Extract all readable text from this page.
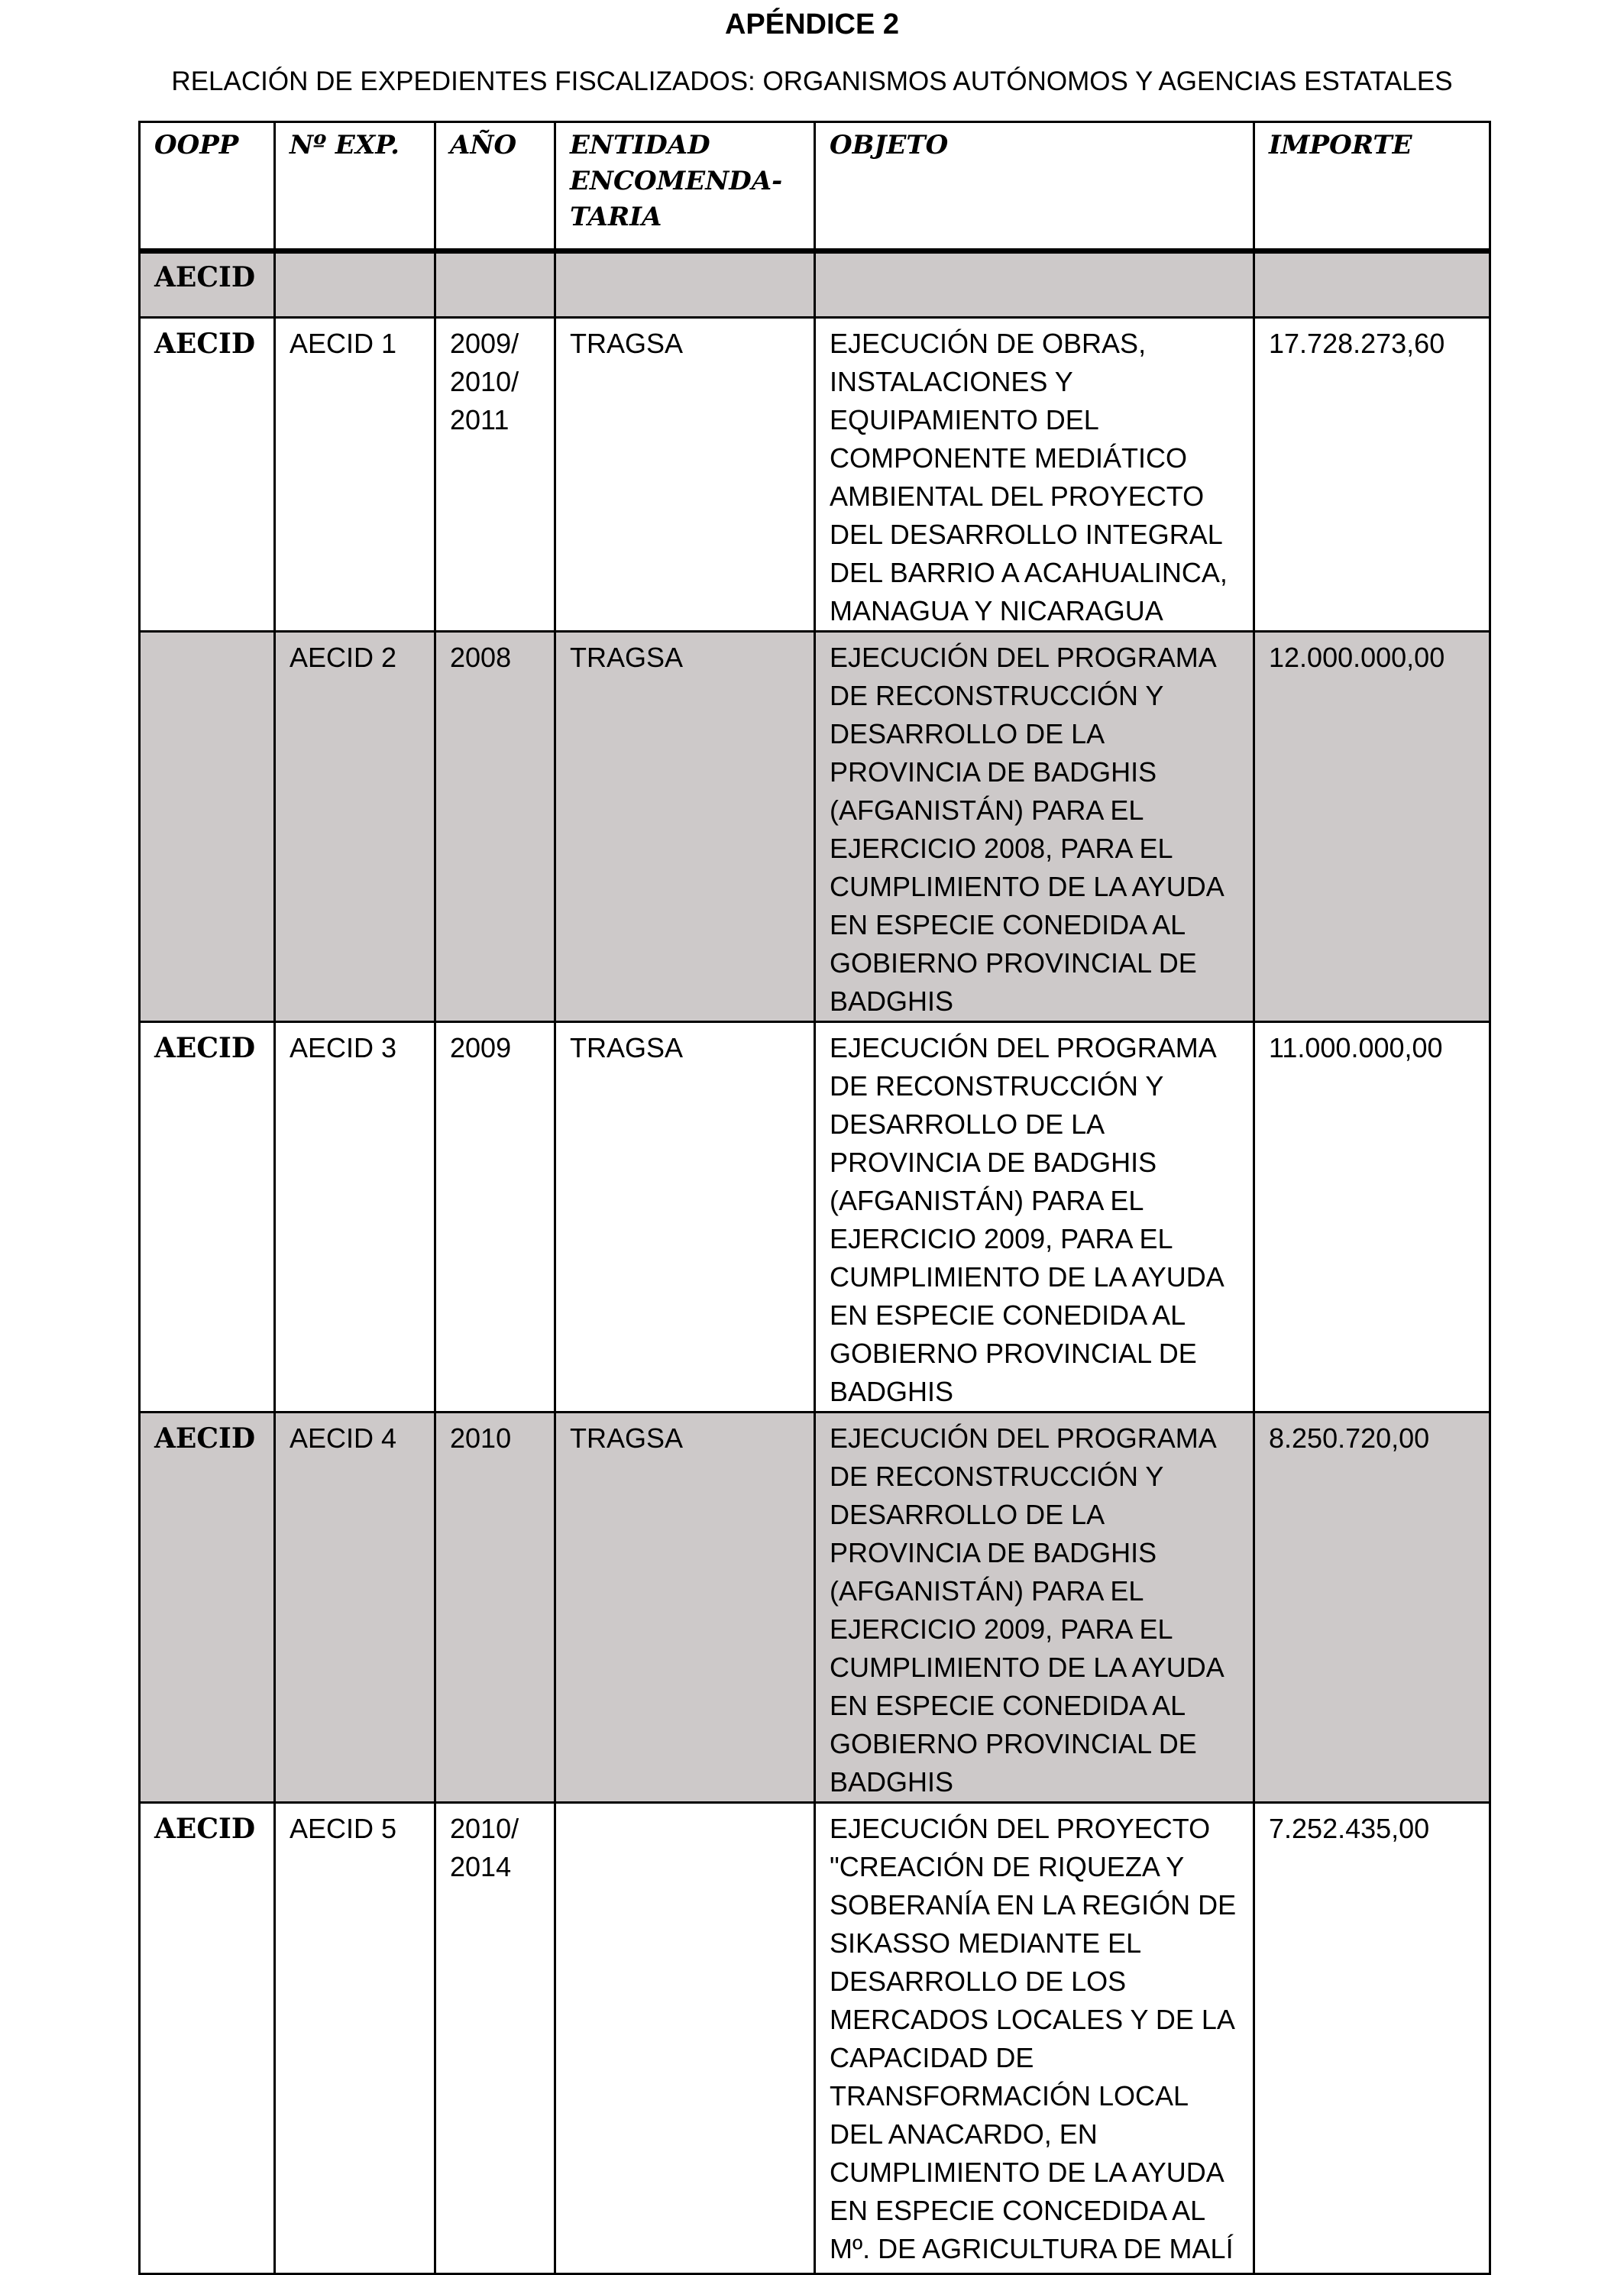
APÉNDICE 2
RELACIÓN DE EXPEDIENTES FISCALIZADOS: ORGANISMOS AUTÓNOMOS Y AGENCIAS ESTATALES
OOPP	Nº EXP.	AÑO	ENTIDAD ENCOMENDA-TARIA	OBJETO	IMPORTE
AECID					
AECID	AECID 1	2009/ 2010/ 2011	TRAGSA	EJECUCIÓN DE OBRAS, INSTALACIONES Y EQUIPAMIENTO DEL COMPONENTE MEDIÁTICO AMBIENTAL DEL PROYECTO DEL DESARROLLO INTEGRAL DEL BARRIO A ACAHUALINCA, MANAGUA Y NICARAGUA	17.728.273,60
	AECID 2	2008	TRAGSA	EJECUCIÓN DEL PROGRAMA DE RECONSTRUCCIÓN Y DESARROLLO DE LA PROVINCIA DE BADGHIS (AFGANISTÁN) PARA EL EJERCICIO 2008, PARA EL CUMPLIMIENTO DE LA AYUDA EN ESPECIE CONEDIDA AL GOBIERNO PROVINCIAL DE BADGHIS	12.000.000,00
AECID	AECID 3	2009	TRAGSA	EJECUCIÓN DEL PROGRAMA DE RECONSTRUCCIÓN Y DESARROLLO DE LA PROVINCIA DE BADGHIS (AFGANISTÁN) PARA EL EJERCICIO 2009, PARA EL CUMPLIMIENTO DE LA AYUDA EN ESPECIE CONEDIDA AL GOBIERNO PROVINCIAL DE BADGHIS	11.000.000,00
AECID	AECID 4	2010	TRAGSA	EJECUCIÓN DEL PROGRAMA DE RECONSTRUCCIÓN Y DESARROLLO DE LA PROVINCIA DE BADGHIS (AFGANISTÁN) PARA EL EJERCICIO 2009, PARA EL CUMPLIMIENTO DE LA AYUDA EN ESPECIE CONEDIDA AL GOBIERNO PROVINCIAL DE BADGHIS	8.250.720,00
AECID	AECID 5	2010/ 2014		EJECUCIÓN DEL PROYECTO "CREACIÓN DE RIQUEZA Y SOBERANÍA EN LA REGIÓN DE SIKASSO MEDIANTE EL DESARROLLO DE LOS MERCADOS LOCALES Y DE LA CAPACIDAD DE TRANSFORMACIÓN LOCAL DEL ANACARDO, EN CUMPLIMIENTO DE LA AYUDA EN ESPECIE CONCEDIDA AL Mº. DE AGRICULTURA DE MALÍ	7.252.435,00
